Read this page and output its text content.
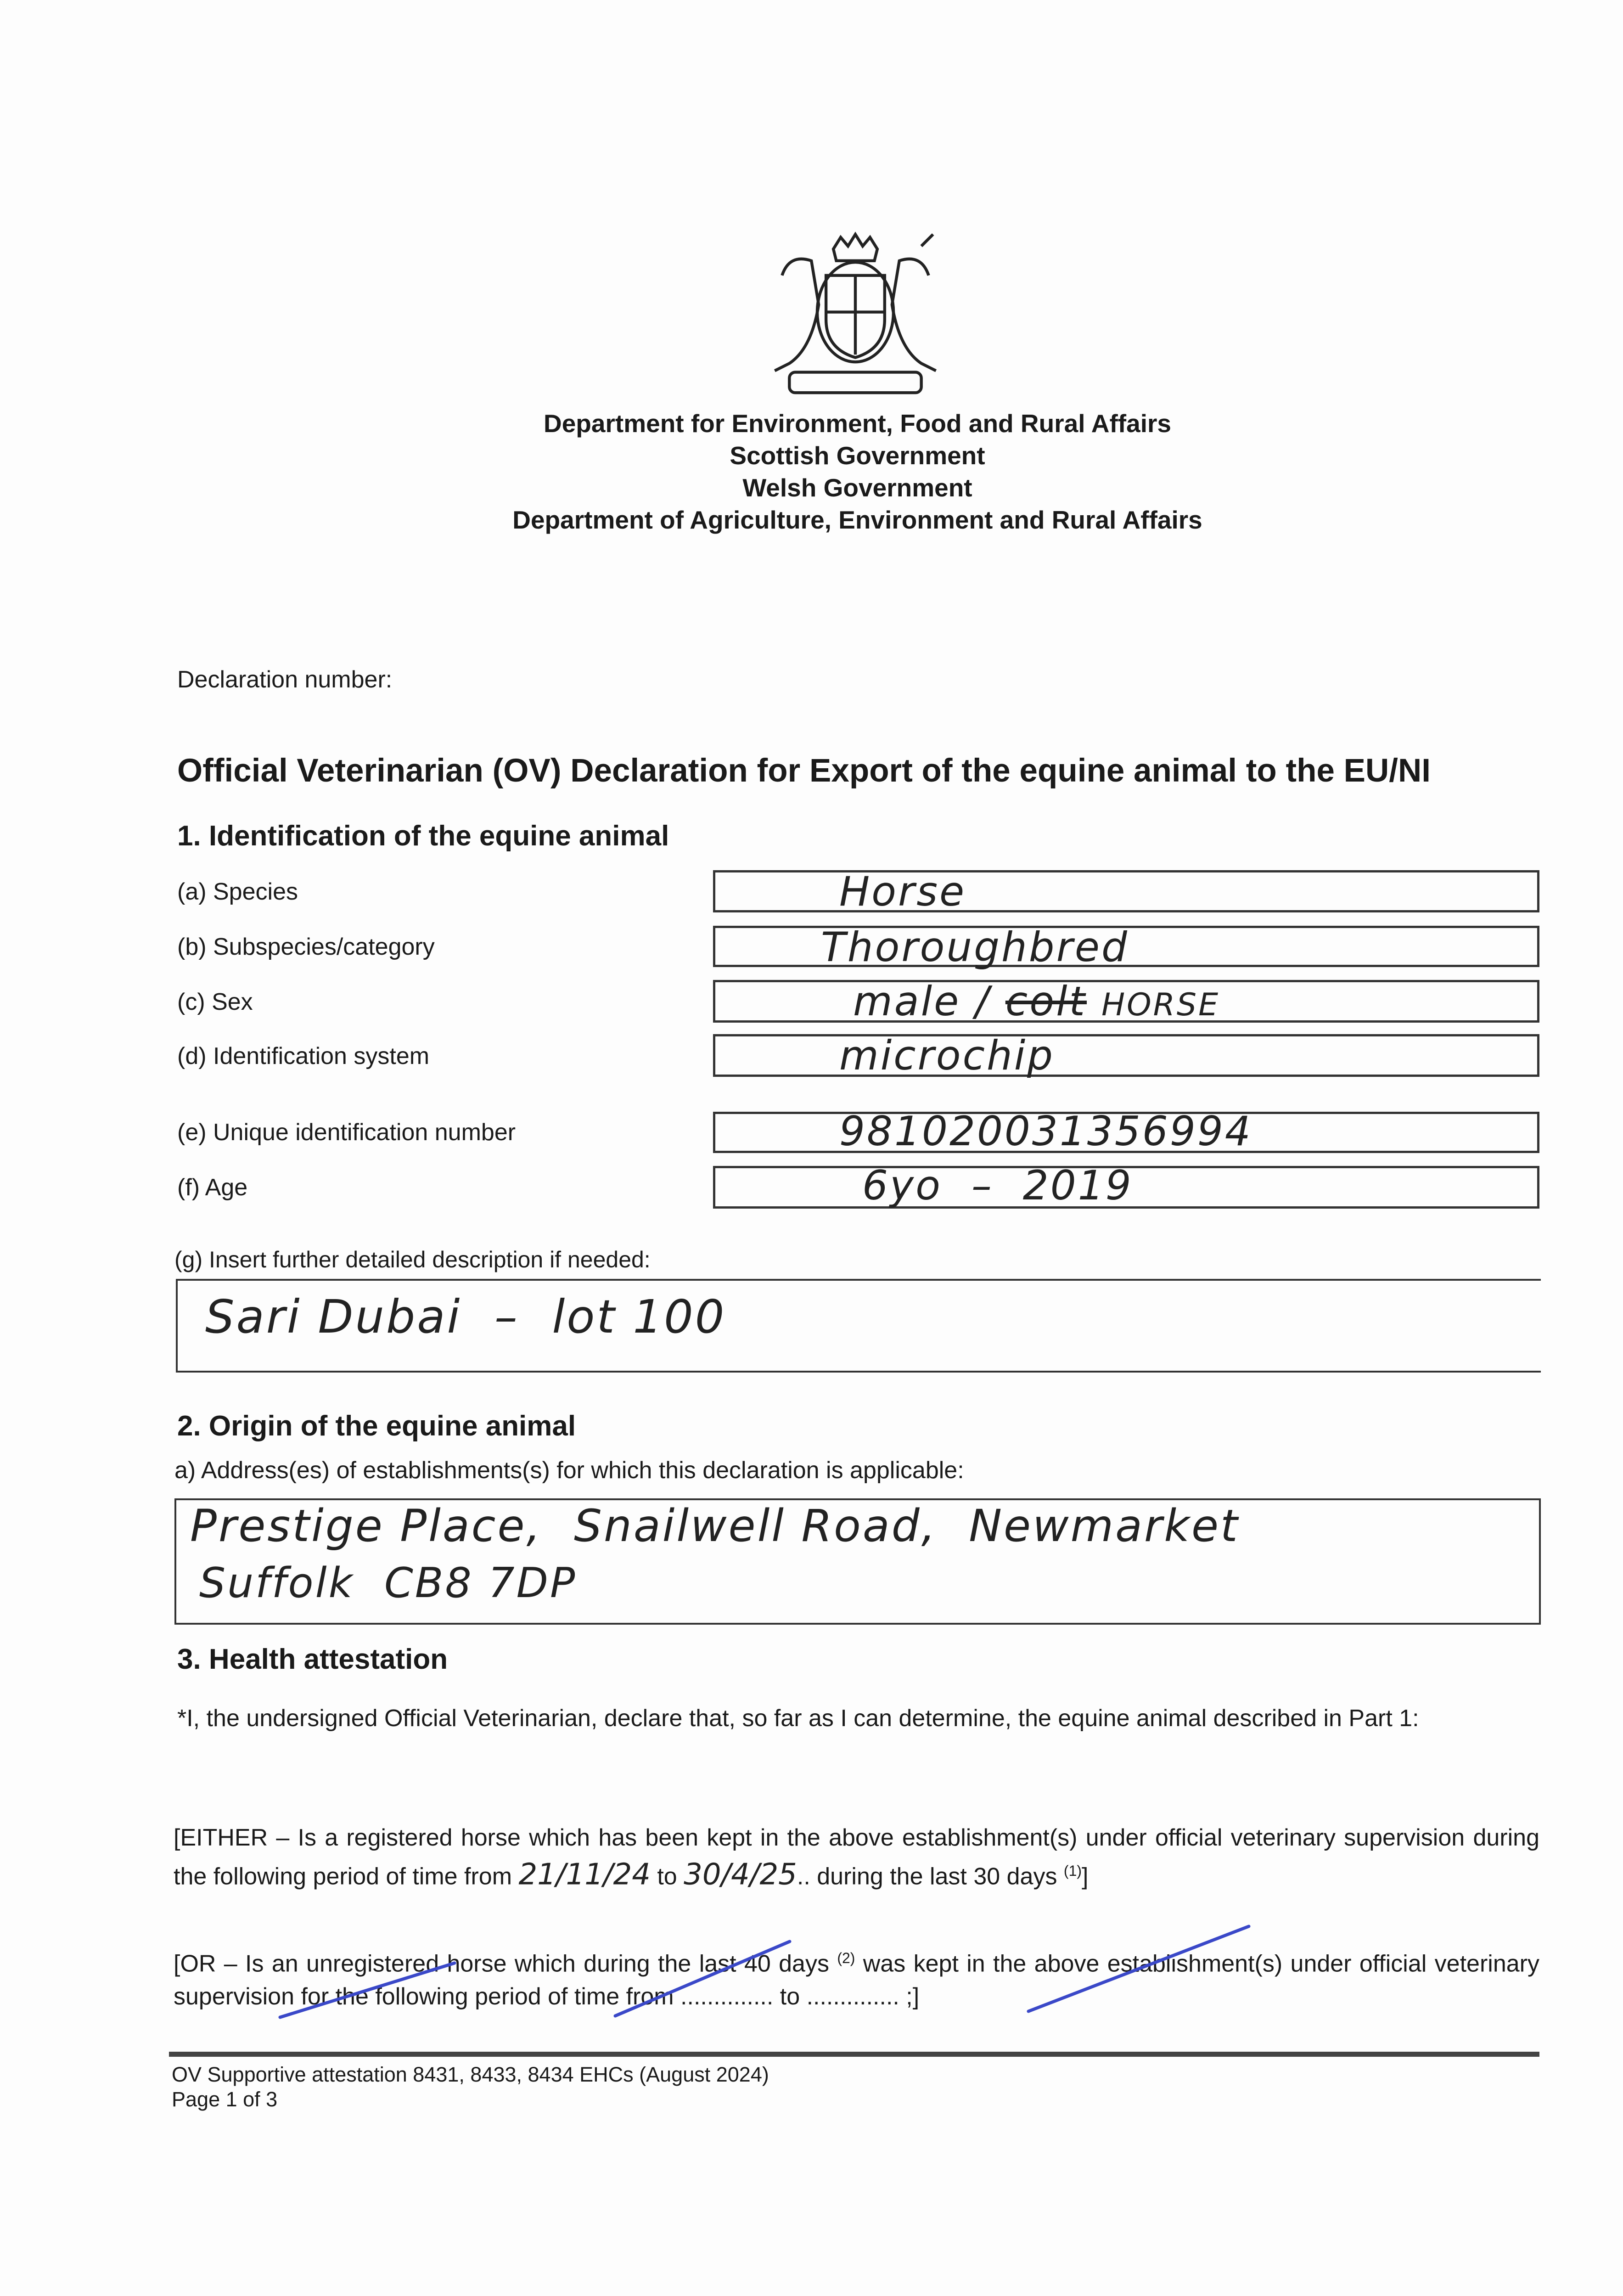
Department for Environment, Food and Rural Affairs
Scottish Government
Welsh Government
Department of Agriculture, Environment and Rural Affairs
Declaration number:
Official Veterinarian (OV) Declaration for Export of the equine animal to the EU/NI
1. Identification of the equine animal
(a) Species	Horse
(b) Subspecies/category	Thoroughbred
(c) Sex	male / colt HORSE
(d) Identification system	microchip
(e) Unique identification number	981020031356994
(f) Age	6yo  –  2019
(g) Insert further detailed description if needed:
Sari Dubai  –  lot 100
2. Origin of the equine animal
a) Address(es) of establishments(s) for which this declaration is applicable:
Prestige Place,  Snailwell Road,  Newmarket
Suffolk  CB8 7DP
3. Health attestation
*I, the undersigned Official Veterinarian, declare that, so far as I can determine, the equine animal described in Part 1:
[EITHER – Is a registered horse which has been kept in the above establishment(s) under official veterinary supervision during the following period of time from 21/11/24 to 30/4/25.. during the last 30 days $^{(1)}$]
[OR – Is an unregistered horse which during the last 40 days $^{(2)}$ was kept in the above establishment(s) under official veterinary supervision for the following period of time from .............. to .............. ;]
OV Supportive attestation 8431, 8433, 8434 EHCs (August 2024)
Page 1 of 3
